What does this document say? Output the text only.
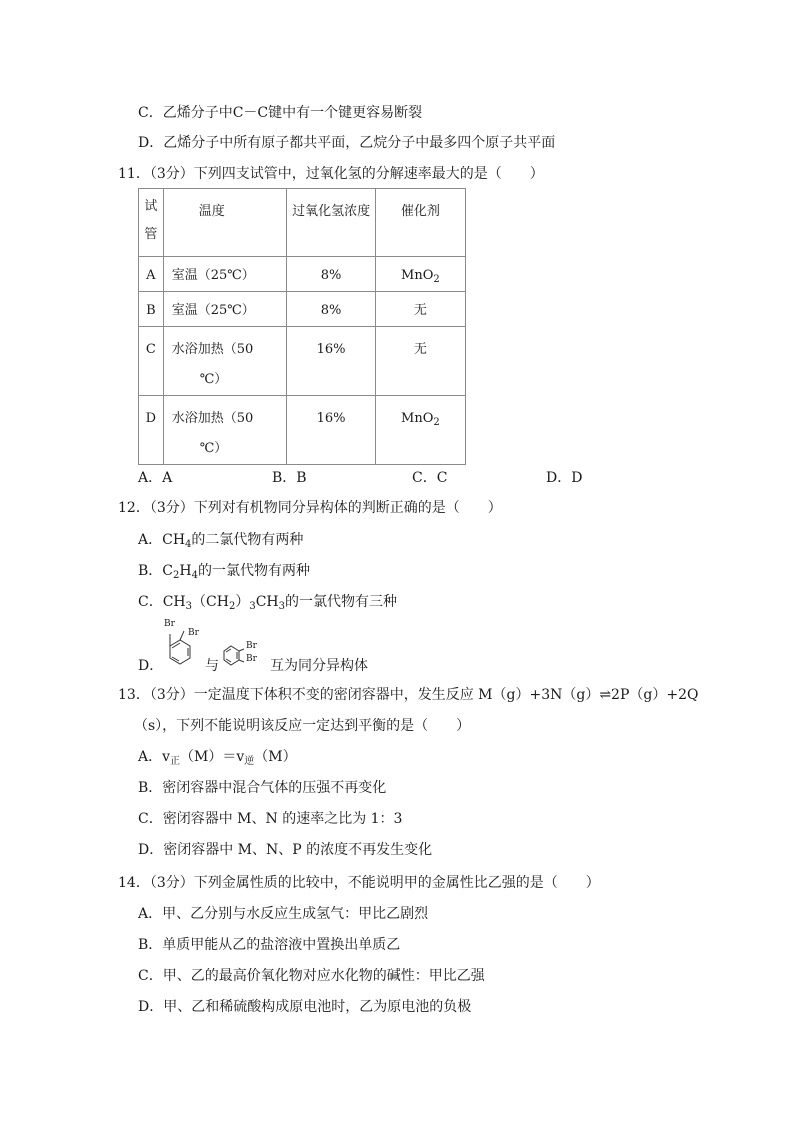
C．乙烯分子中C－C键中有一个键更容易断裂
D．乙烯分子中所有原子都共平面，乙烷分子中最多四个原子共平面
11．（3分）下列四支试管中，过氧化氢的分解速率最大的是（　　）
试
管	温度	过氧化氢浓度	催化剂

A	室温（25℃）	8%	MnO$_2$

B	室温（25℃）	8%	无

C	水浴加热（50
℃）	16%	无

D	水浴加热（50
℃）	16%	MnO$_2$
A．A	B．B	C．C	D．D
12．（3分）下列对有机物同分异构体的判断正确的是（　　）
A．$CH_4$的二氯代物有两种
B．$C_2H_4$的一氯代物有两种
C．$CH_3(CH_2)_3CH_3$的一氯代物有三种
D．
Br
Br
与
Br
Br 互为同分异构体
13．（3分）一定温度下体积不变的密闭容器中，发生反应 M（g）+3N（g）⇌2P（g）+2Q
（s），下列不能说明该反应一定达到平衡的是（　　）
A．$v_正(M)=v_逆(M)$
B．密闭容器中混合气体的压强不再变化
C．密闭容器中 M、N 的速率之比为 1：3
D．密闭容器中 M、N、P 的浓度不再发生变化
14．（3分）下列金属性质的比较中，不能说明甲的金属性比乙强的是（　　）
A．甲、乙分别与水反应生成氢气：甲比乙剧烈
B．单质甲能从乙的盐溶液中置换出单质乙
C．甲、乙的最高价氧化物对应水化物的碱性：甲比乙强
D．甲、乙和稀硫酸构成原电池时，乙为原电池的负极
